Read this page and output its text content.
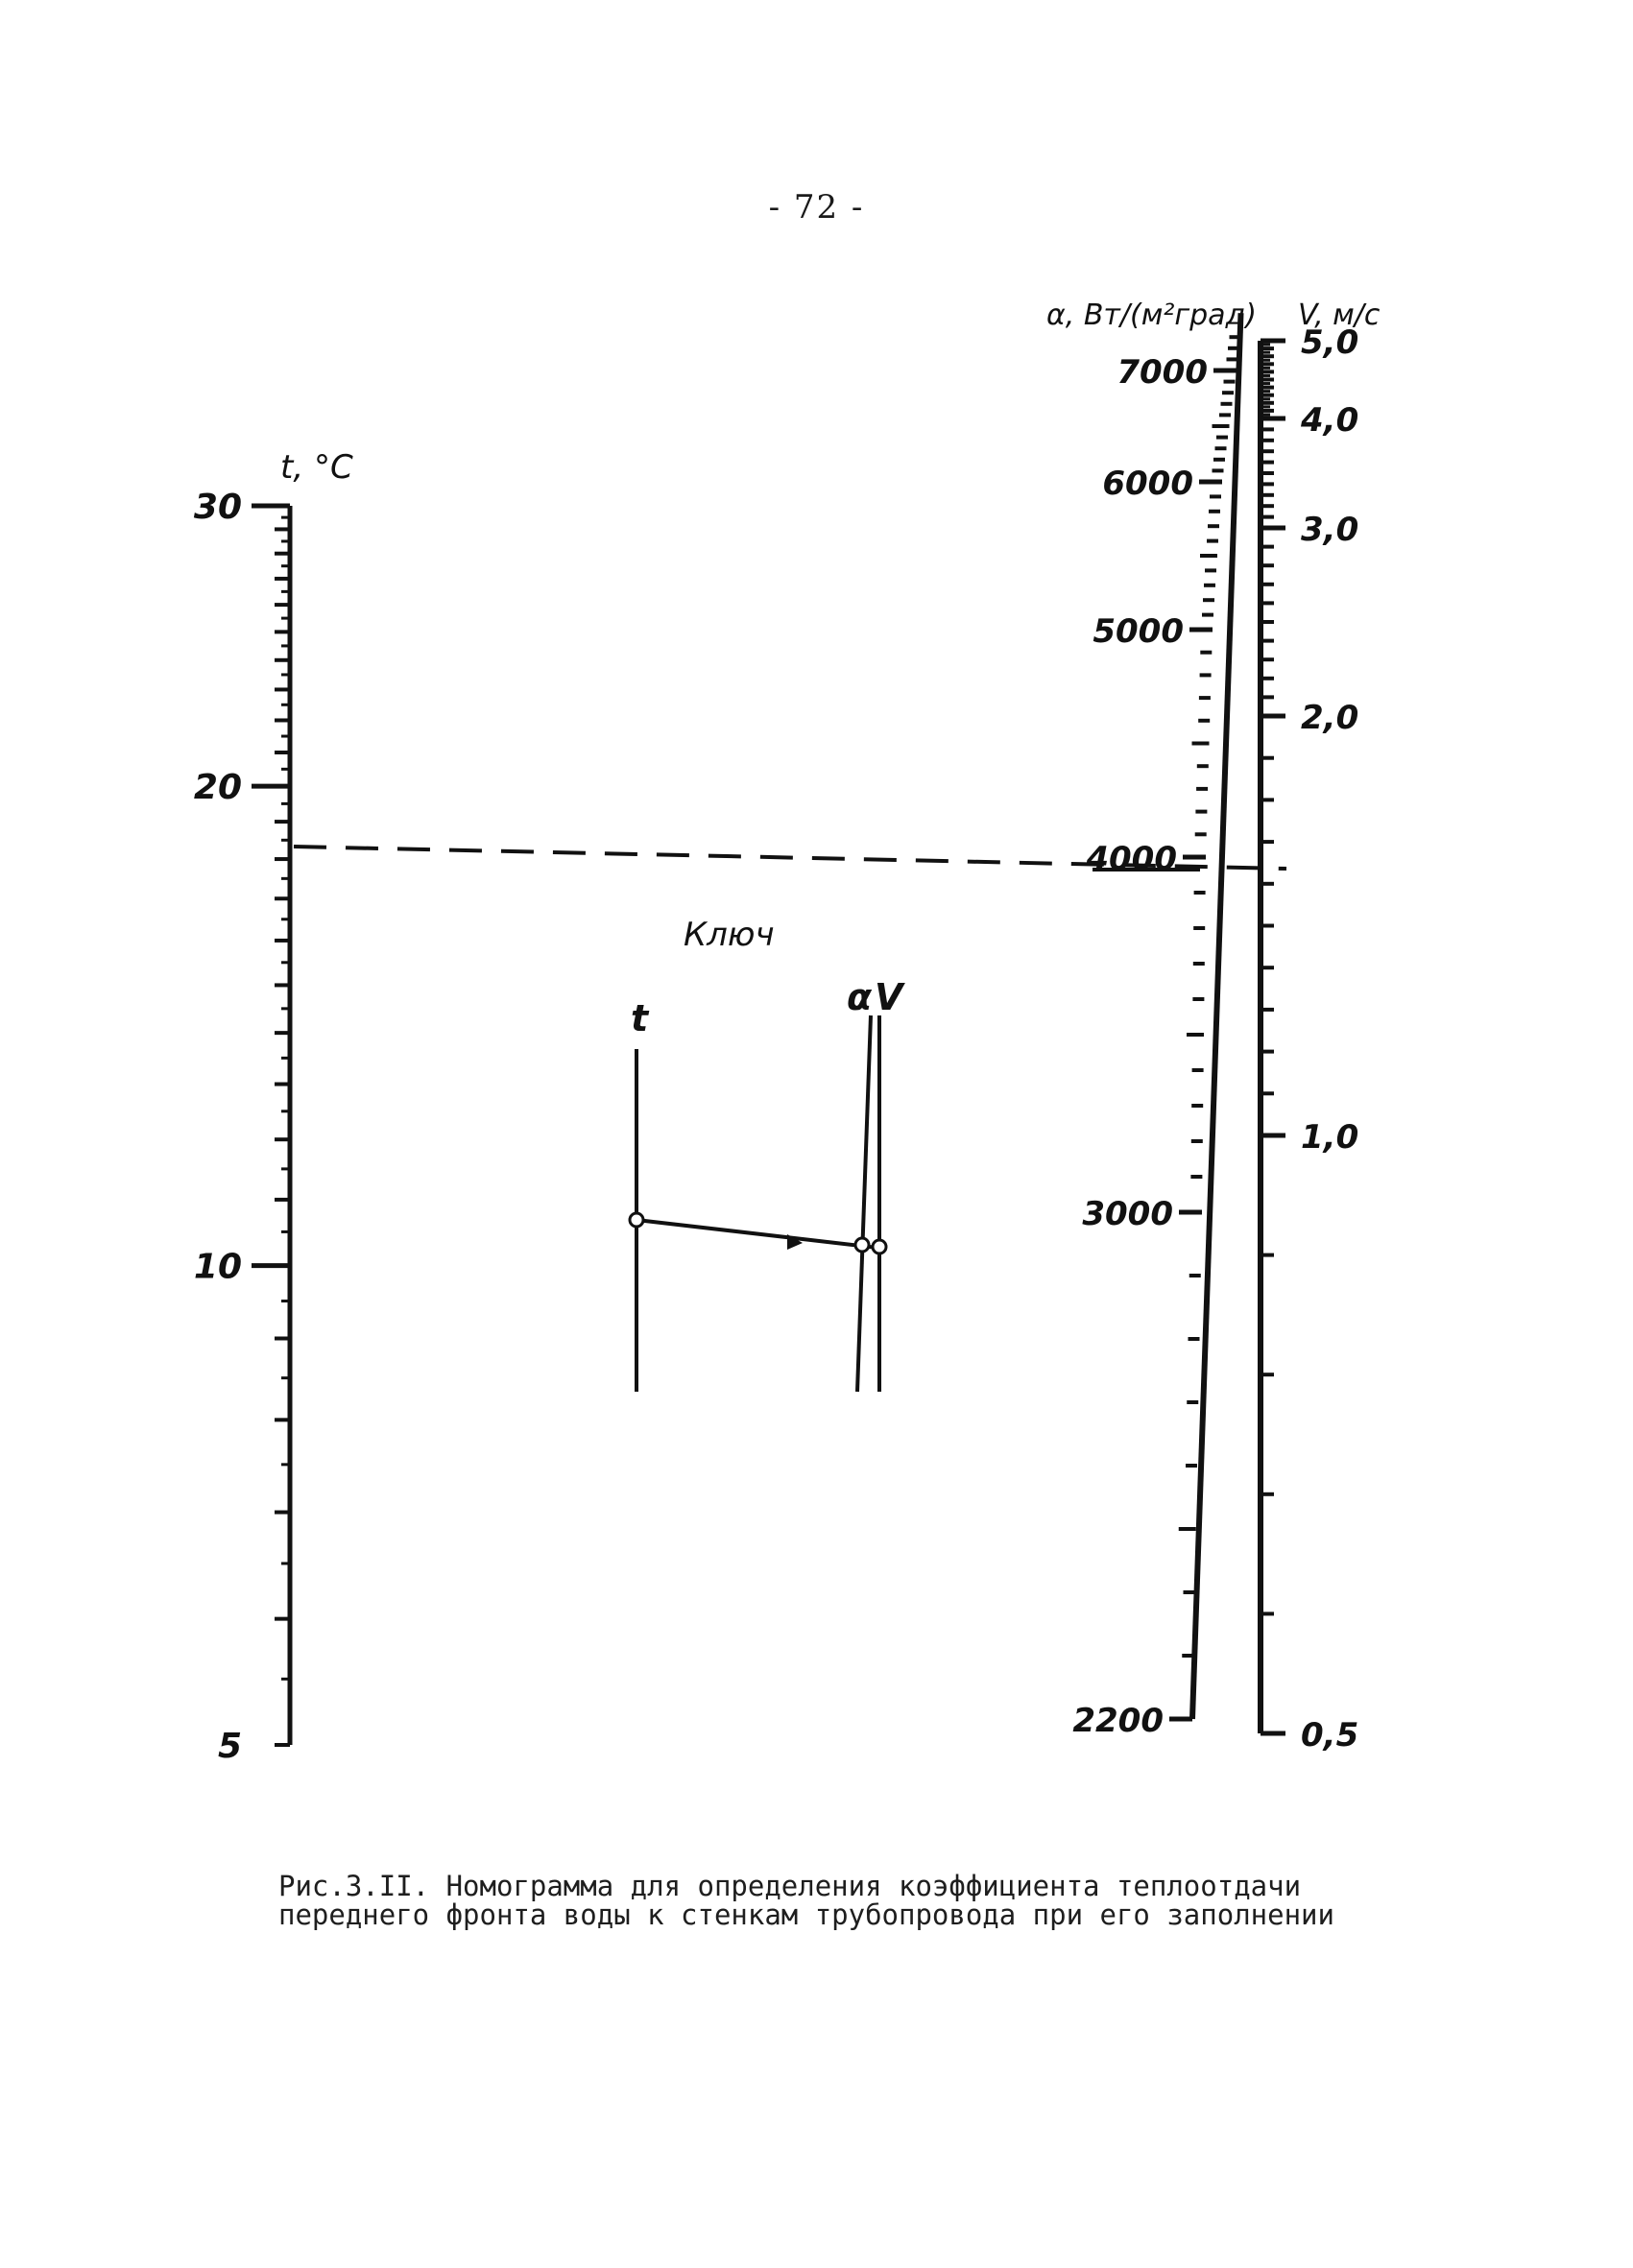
- 72 -
30
20
10
5
7000
6000
5000
4000
3000
2200
5,0
4,0
3,0
2,0
1,0
0,5
t, °C
α, Вт/(м²град) V, м/с
Ключ
t	α V
Рис.3.II. Номограмма для определения коэффициента теплоотдачи
переднего фронта воды к стенкам трубопровода при его заполнении
